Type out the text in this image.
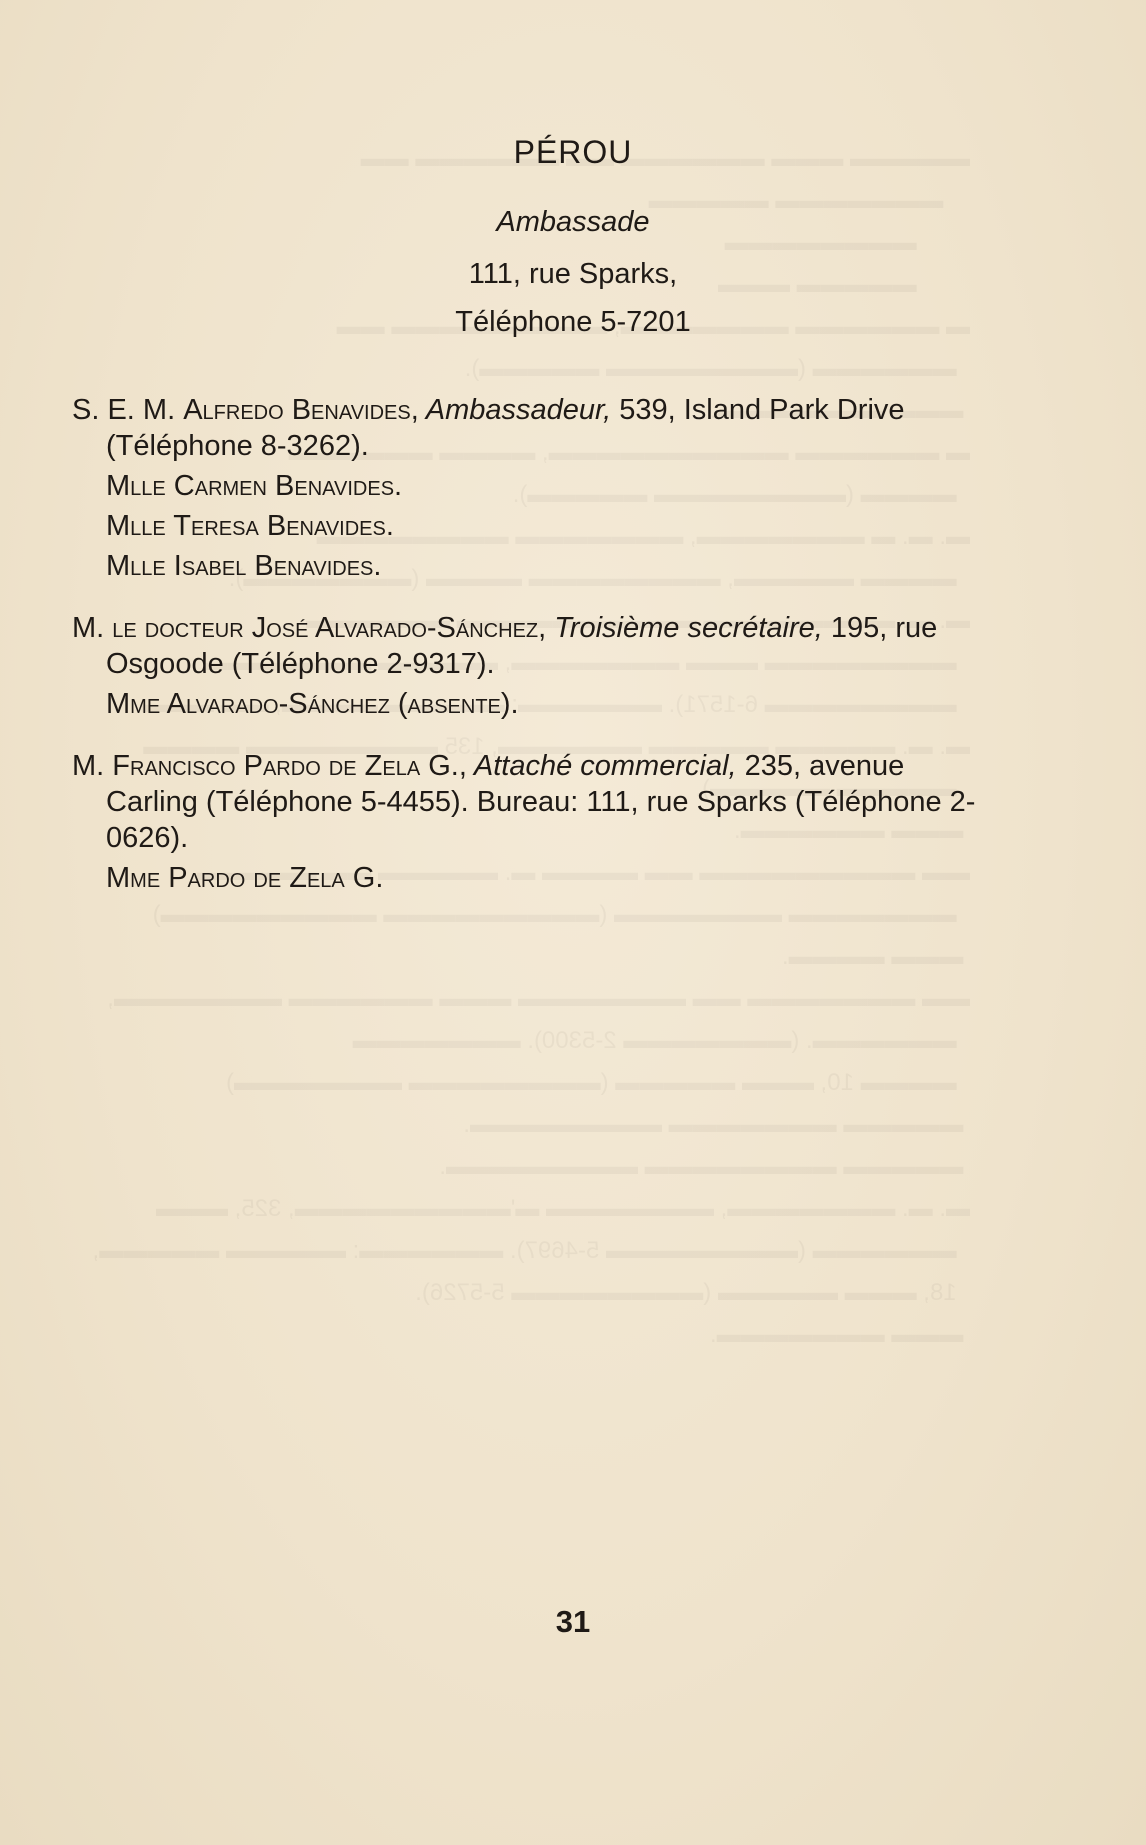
PÉROU
Ambassade
111, rue Sparks,
Téléphone 5-7201
S. E. M. Alfredo Benavides, Ambassadeur, 539, Island Park Drive (Téléphone 8-3262).
Mlle Carmen Benavides.
Mlle Teresa Benavides.
Mlle Isabel Benavides.
M. le docteur José Alvarado-Sánchez, Troisième secrétaire, 195, rue Osgoode (Téléphone 2-9317).
Mme Alvarado-Sánchez (absente).
M. Francisco Pardo de Zela G., Attaché commercial, 235, avenue Carling (Téléphone 5-4455). Bureau: 111, rue Sparks (Téléphone 2-0626).
Mme Pardo de Zela G.
31
